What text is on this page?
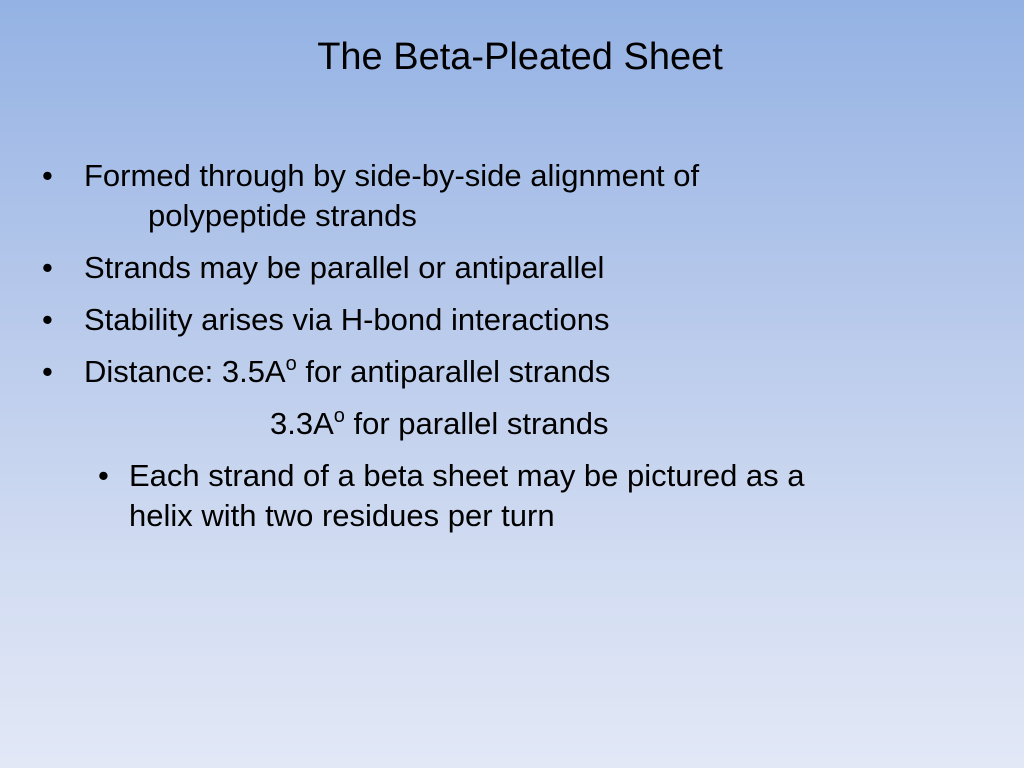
The Beta-Pleated Sheet
• Formed through by side-by-side alignment of
polypeptide strands
• Strands may be parallel or antiparallel
• Stability arises via H-bond interactions
• Distance: $3.5A^o$ for antiparallel strands
$3.3A^o$ for parallel strands
• Each strand of a beta sheet may be pictured as a
helix with two residues per turn
